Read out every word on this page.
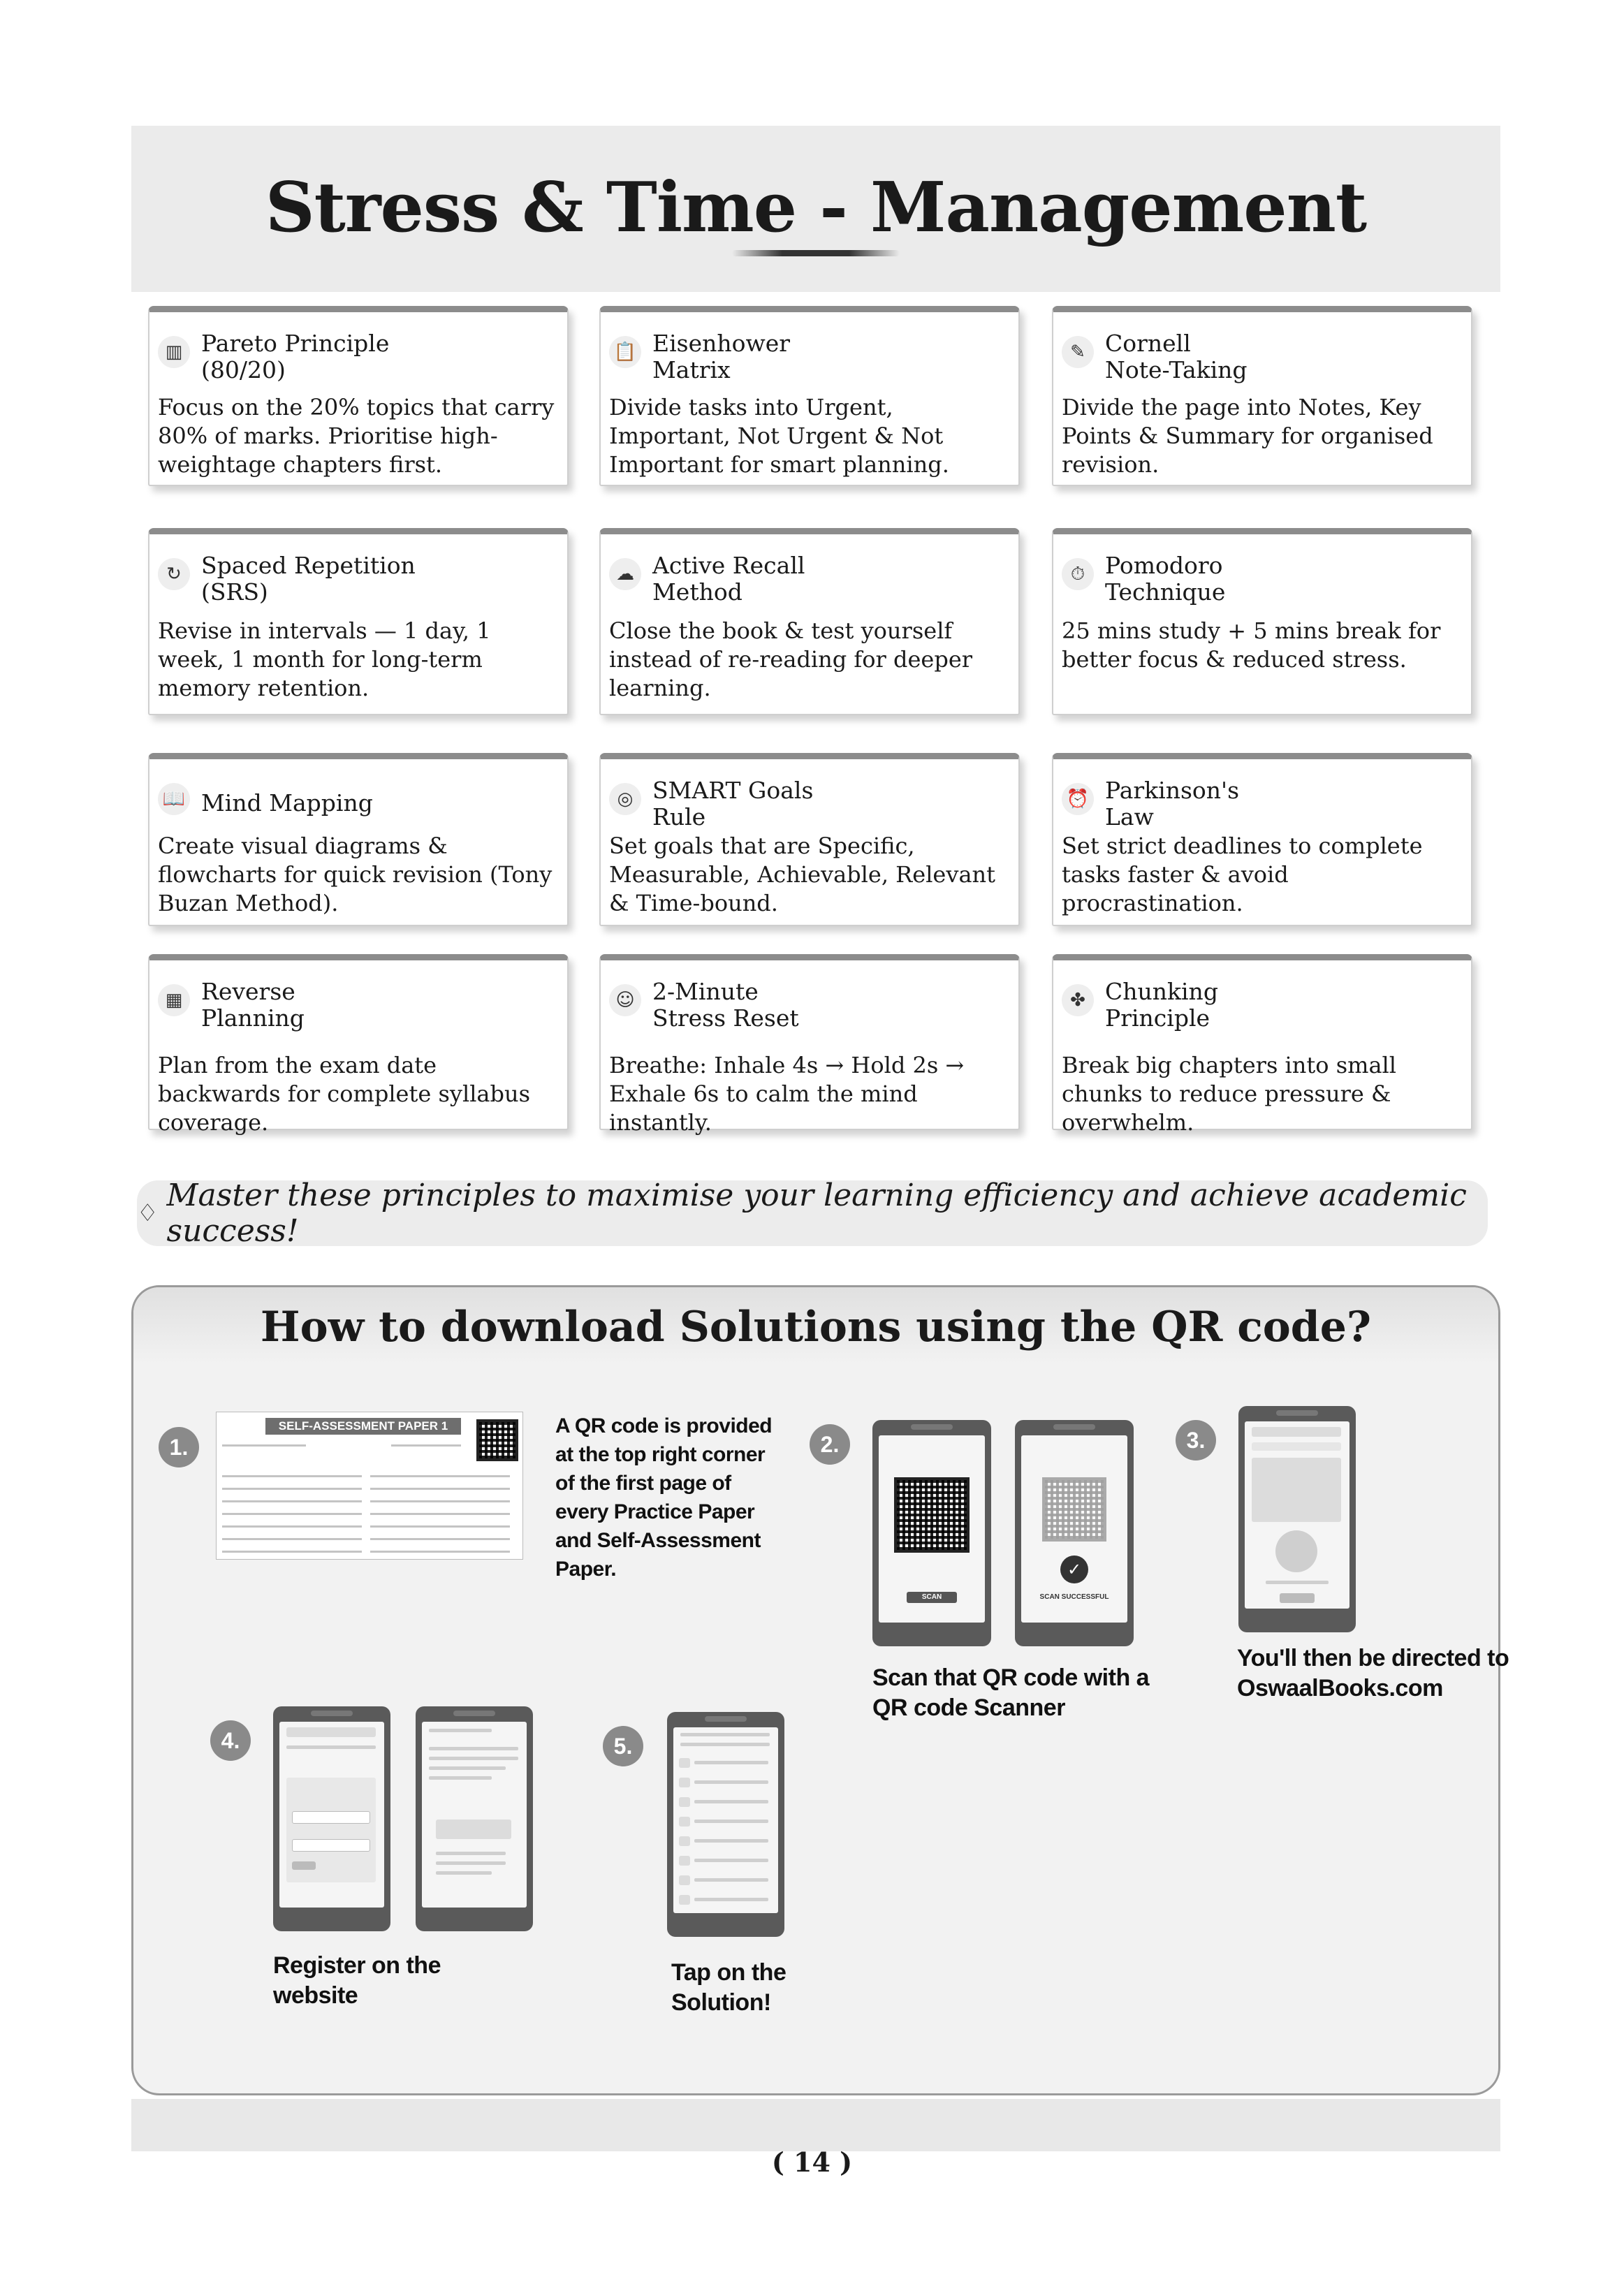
Stress & Time - Management
▥ Pareto Principle
(80/20)
Focus on the 20% topics that carry 80% of marks. Prioritise high-weightage chapters first.
📋 Eisenhower
Matrix
Divide tasks into Urgent, Important, Not Urgent & Not Important for smart planning.
✎ Cornell
Note-Taking
Divide the page into Notes, Key Points & Summary for organised revision.
↻ Spaced Repetition
(SRS)
Revise in intervals — 1 day, 1 week, 1 month for long-term memory retention.
☁ Active Recall
Method
Close the book & test yourself instead of re-reading for deeper learning.
⏱ Pomodoro
Technique
25 mins study + 5 mins break for better focus & reduced stress.
📖 Mind Mapping
Create visual diagrams & flowcharts for quick revision (Tony Buzan Method).
◎ SMART Goals
Rule
Set goals that are Specific, Measurable, Achievable, Relevant & Time-bound.
⏰ Parkinson's
Law
Set strict deadlines to complete tasks faster & avoid procrastination.
▦ Reverse
Planning
Plan from the exam date backwards for complete syllabus coverage.
☺ 2-Minute
Stress Reset
Breathe: Inhale 4s → Hold 2s → Exhale 6s to calm the mind instantly.
✤ Chunking
Principle
Break big chapters into small chunks to reduce pressure & overwhelm.
♢ Master these principles to maximise your learning efficiency and achieve academic success!
How to download Solutions using the QR code?
1.
SELF-ASSESSMENT PAPER 1	A QR code is provided at the top right corner of the first page of every Practice Paper and Self-Assessment Paper.
2.
SCAN
✓
SCAN SUCCESSFUL
Scan that QR code with a QR code Scanner
3.
You'll then be directed to OswaalBooks.com
4.
Register on the website
5.
Tap on the Solution!
( 14 )
